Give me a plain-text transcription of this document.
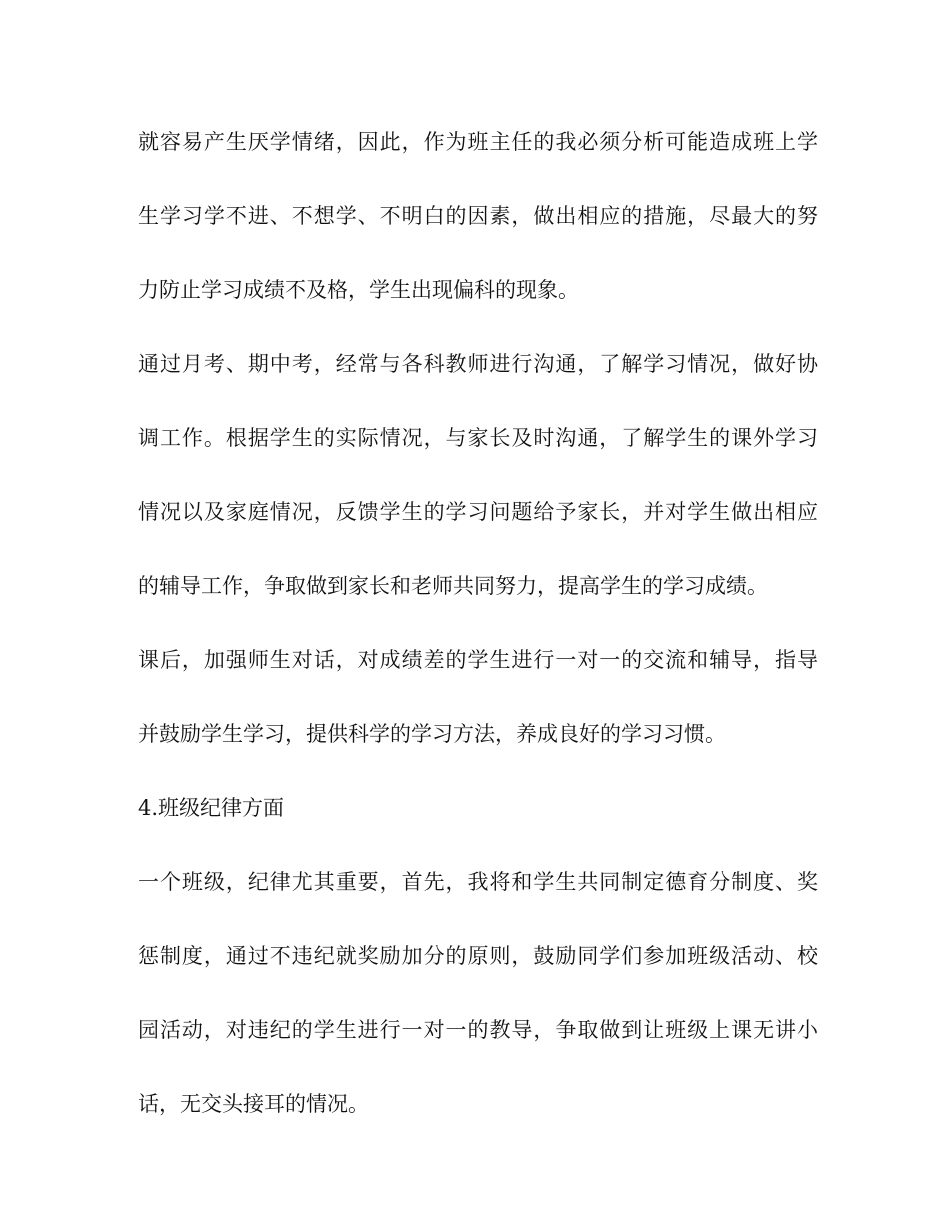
就容易产生厌学情绪，因此，作为班主任的我必须分析可能造成班上学
生学习学不进、不想学、不明白的因素，做出相应的措施，尽最大的努
力防止学习成绩不及格，学生出现偏科的现象。
通过月考、期中考，经常与各科教师进行沟通，了解学习情况，做好协
调工作。根据学生的实际情况，与家长及时沟通，了解学生的课外学习
情况以及家庭情况，反馈学生的学习问题给予家长，并对学生做出相应
的辅导工作，争取做到家长和老师共同努力，提高学生的学习成绩。
课后，加强师生对话，对成绩差的学生进行一对一的交流和辅导，指导
并鼓励学生学习，提供科学的学习方法，养成良好的学习习惯。
4.班级纪律方面
一个班级，纪律尤其重要，首先，我将和学生共同制定德育分制度、奖
惩制度，通过不违纪就奖励加分的原则，鼓励同学们参加班级活动、校
园活动，对违纪的学生进行一对一的教导，争取做到让班级上课无讲小
话，无交头接耳的情况。
